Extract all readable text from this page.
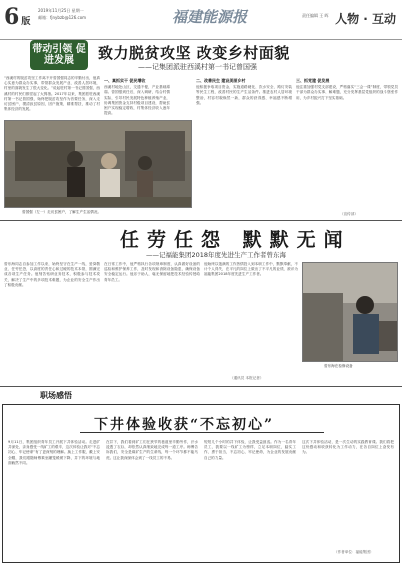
6 版
2019年11月25日 星期一
邮箱：fjnybzb@126.com	福建能源报	责任编辑 王 晖 人物 · 互动
带动引领 促进发展	致力脱贫攻坚 改变乡村面貌
——记集团派驻西溪村第一书记曾国强
“西溪村的脱贫攻坚工作离不开曾国强同志的辛勤付出，他真心实意为群众办实事，带领群众发展产业、改善人居环境，村里的面貌发生了很大变化。”说起驻村第一书记曾国强，西溪村的村民们都竖起了大拇指。2017年以来，集团派驻西溪村第一书记曾国强，始终把脱贫攻坚作为首要任务，深入走访贫困户，摸清致贫原因，因户施策，精准帮扶，推动了村集体经济的发展。
一、真抓实干 促民增收
西溪村地处山区，交通不便，产业基础薄弱。曾国强到任后，深入调研，结合村情实际，引导村民发展特色种植养殖产业，协调集团资金支持村级项目建设，帮助贫困户实现稳定增收，村集体经济收入逐年提高。
二、改善民生 建设美丽乡村
他积极争取项目资金，实施道路硬化、饮水安全、路灯安装等民生工程，改善村民的生产生活条件。推进农村人居环境整治，村容村貌焕然一新，群众的获得感、幸福感不断增强。
三、抓党建 促发展
他注重加强村党支部建设，严格落实“三会一课”制度，带领党员干部为群众办实事、解难题，充分发挥基层党组织的战斗堡垒作用，为乡村振兴打下坚实基础。
曾国强（左一）走访贫困户，了解生产生活情况。	（宣传部）
任劳任怨 默默无闻
——记福能集团2018年度先进生产工作者曾东海
曾东海同志自参加工作以来，始终坚守在生产一线，爱岗敬业、任劳任怨，以高度的责任心和过硬的技术本领，圆满完成各项生产任务。他刻苦钻研业务技术，积极参与技术攻关，解决了生产中的多项技术难题，为企业的安全生产作出了积极贡献。
在日常工作中，他严格执行各项规章制度，认真做好设备的巡检和维护保养工作，及时发现和消除设备隐患，确保设备安全稳定运行。他乐于助人，毫无保留地把技术经验传授给青年员工。
他始终以饱满的工作热情投入到本职工作中，默默奉献，不计个人得失，在平凡的岗位上做出了不平凡的业绩，被评为福能集团2018年度先进生产工作者。
曾东海在检修设备
（通讯员 本报记者）
职场感悟
下井体验收获“不忘初心”
9月11日，集团组织青年员工开展下井体验活动。走进矿井深处，亲身感受一线矿工的艰辛，这次体验让我对“不忘初心、牢记使命”有了更深刻的理解。换上工作服，戴上安全帽，我们跟随师傅乘坐罐笼缓缓下降，井下的环境与地面截然不同。
在井下，我们看到矿工们在狭窄的巷道里辛勤劳作，汗水浸透了衣衫，却依然认真细致地完成每一道工序。师傅告诉我们，安全是煤矿生产的生命线，每一个环节都不能马虎。这让我深深体会到了一线员工的不易。
短短几个小时的井下体验，让我受益匪浅。作为一名青年员工，我要以一线矿工为榜样，立足本职岗位，踏实工作，勇于担当，不忘初心，牢记使命，为企业的发展贡献自己的力量。
这次下井体验活动，是一次生动的实践教育课。我们将把这份感动和收获转化为工作动力，在各自岗位上奋发有为。
（作者单位：福能集团）
